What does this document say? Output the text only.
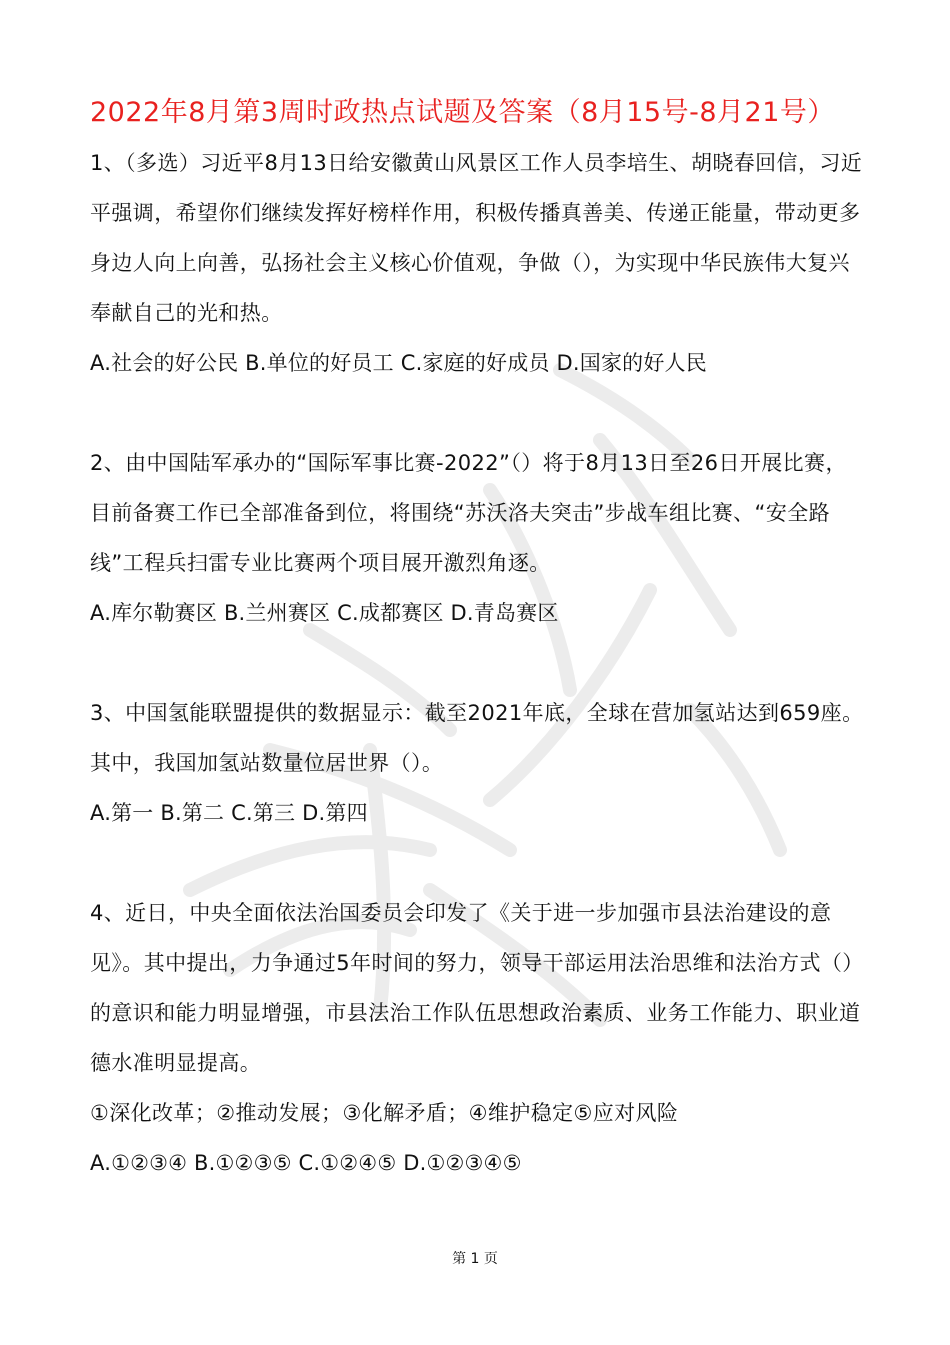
2022年8月第3周时政热点试题及答案（8月15号-8月21号）

1、（多选）习近平8月13日给安徽黄山风景区工作人员李培生、胡晓春回信，习近平强调，希望你们继续发挥好榜样作用，积极传播真善美、传递正能量，带动更多身边人向上向善，弘扬社会主义核心价值观，争做（），为实现中华民族伟大复兴奉献自己的光和热。

A.社会的好公民 B.单位的好员工 C.家庭的好成员 D.国家的好人民

2、由中国陆军承办的“国际军事比赛-2022”（）将于8月13日至26日开展比赛，目前备赛工作已全部准备到位，将围绕“苏沃洛夫突击”步战车组比赛、“安全路线”工程兵扫雷专业比赛两个项目展开激烈角逐。

A.库尔勒赛区 B.兰州赛区 C.成都赛区 D.青岛赛区

3、中国氢能联盟提供的数据显示：截至2021年底，全球在营加氢站达到659座。其中，我国加氢站数量位居世界（）。

A.第一 B.第二 C.第三 D.第四

4、近日，中央全面依法治国委员会印发了《关于进一步加强市县法治建设的意见》。其中提出，力争通过5年时间的努力，领导干部运用法治思维和法治方式（）的意识和能力明显增强，市县法治工作队伍思想政治素质、业务工作能力、职业道德水准明显提高。

①深化改革；②推动发展；③化解矛盾；④维护稳定⑤应对风险

A.①②③④ B.①②③⑤ C.①②④⑤ D.①②③④⑤

第 1 页
